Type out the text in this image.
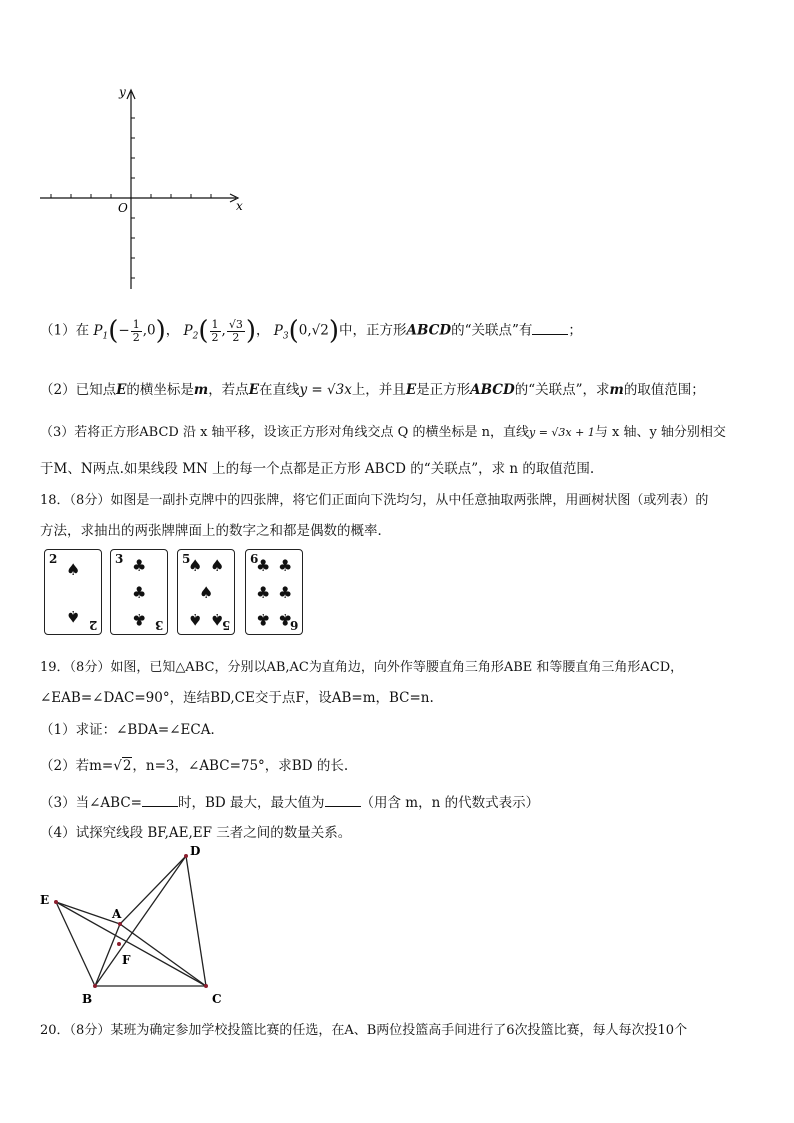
y
x
O
（1）在 $P_1(- \frac{1}{2} ,0)$， $P_2( \frac{1}{2}$ , $\frac{√3}{2}$ )， $P_3(0,√2)$中，正方形ABCD的“关联点”有	；
（2）已知点E的横坐标是m，若点E在直线y = √3x上，并且E是正方形ABCD的“关联点”，求m的取值范围；
（3）若将正方形ABCD 沿 x 轴平移，设该正方形对角线交点 Q 的横坐标是 n，直线y = √3x + 1与 x 轴、y 轴分别相交
于M、N两点.如果线段 MN 上的每一个点都是正方形 ABCD 的“关联点”，求 n 的取值范围.
18．（8分）如图是一副扑克牌中的四张牌，将它们正面向下洗均匀，从中任意抽取两张牌，用画树状图（或列表）的
方法，求抽出的两张牌牌面上的数字之和都是偶数的概率．
2
♠
♠ 2
3 ♣
♣
♣ 3
5
♠ ♠
♠
♠ ♠
5
6
♣ ♣
♣ ♣
♣ ♣
6
19．（8分）如图，已知△ABC，分别以AB,AC为直角边，向外作等腰直角三角形ABE 和等腰直角三角形ACD，
∠EAB=∠DAC=90°，连结BD,CE交于点F，设AB=m，BC=n.
（1）求证：∠BDA=∠ECA．
（2）若m=√2，n=3，∠ABC=75°，求BD 的长.
（3）当∠ABC=	时，BD 最大，最大值为	（用含 m，n 的代数式表示）
（4）试探究线段 BF,AE,EF 三者之间的数量关系。
D
E
A
F
B	C
20．（8分）某班为确定参加学校投篮比赛的任选，在A、B两位投篮高手间进行了6次投篮比赛，每人每次投10个
